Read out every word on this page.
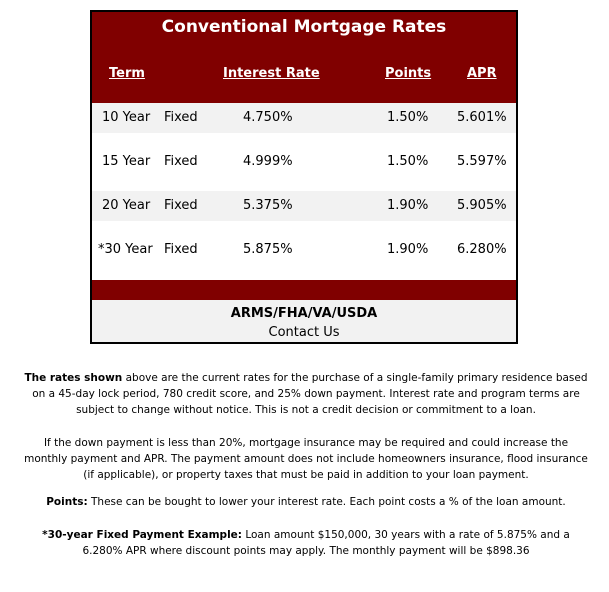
Conventional Mortgage Rates
Term	Interest Rate	Points	APR
10 Year Fixed	4.750%	1.50% 5.601%
15 Year Fixed	4.999%	1.50% 5.597%
20 Year Fixed	5.375%	1.90% 5.905%
*30 Year Fixed	5.875%	1.90% 6.280%
ARMS/FHA/VA/USDA
Contact Us
The rates shown above are the current rates for the purchase of a single-family primary residence based on a 45-day lock period, 780 credit score, and 25% down payment. Interest rate and program terms are subject to change without notice. This is not a credit decision or commitment to a loan.
If the down payment is less than 20%, mortgage insurance may be required and could increase the monthly payment and APR. The payment amount does not include homeowners insurance, flood insurance (if applicable), or property taxes that must be paid in addition to your loan payment.
Points: These can be bought to lower your interest rate. Each point costs a % of the loan amount.
*30-year Fixed Payment Example: Loan amount $150,000, 30 years with a rate of 5.875% and a 6.280% APR where discount points may apply. The monthly payment will be $898.36
